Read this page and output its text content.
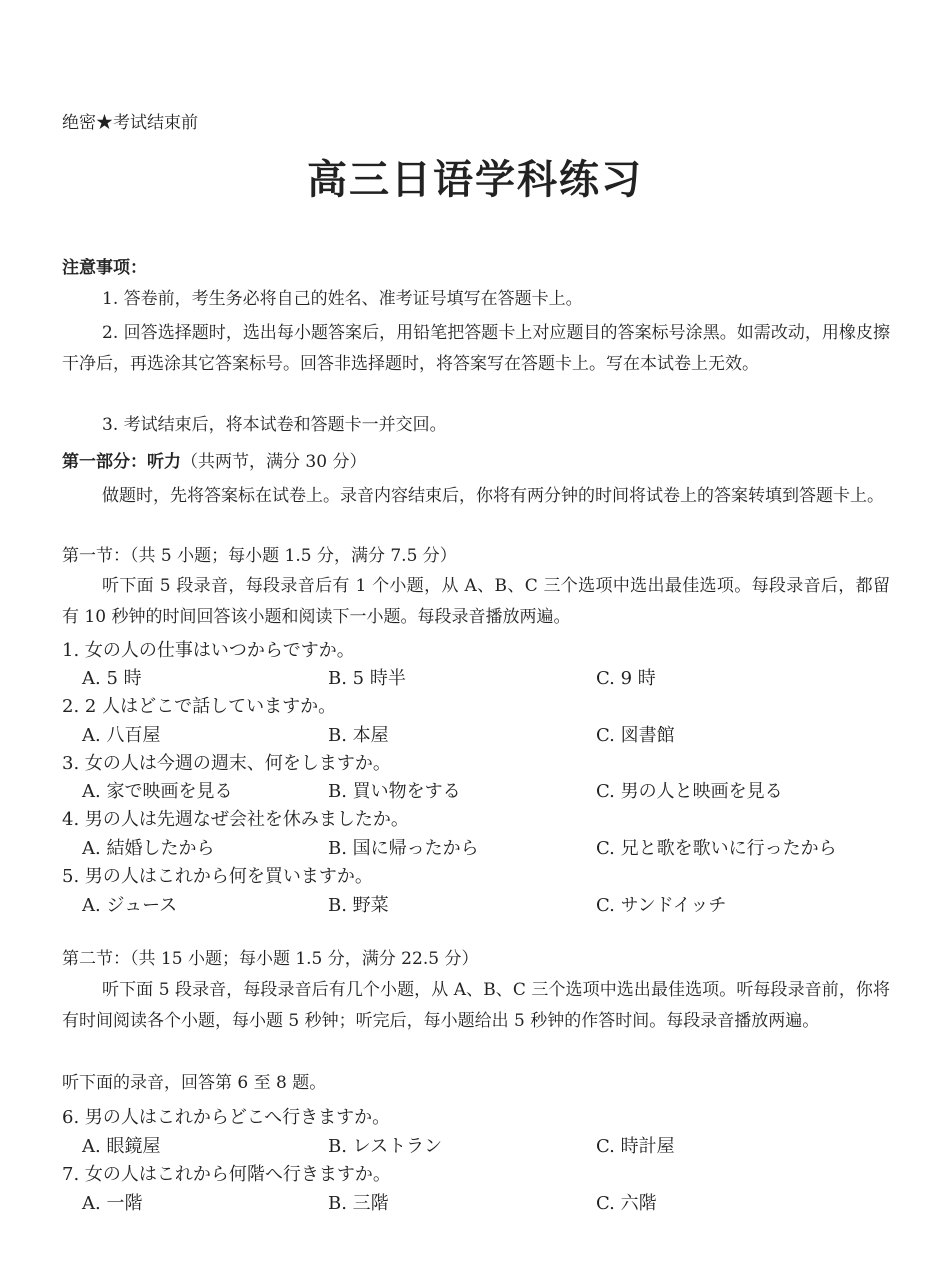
绝密★考试结束前
高三日语学科练习
注意事项：
1. 答卷前，考生务必将自己的姓名、准考证号填写在答题卡上。
2. 回答选择题时，选出每小题答案后，用铅笔把答题卡上对应题目的答案标号涂黑。如需改动，用橡皮擦干净后，再选涂其它答案标号。回答非选择题时，将答案写在答题卡上。写在本试卷上无效。
3. 考试结束后，将本试卷和答题卡一并交回。
第一部分：听力（共两节，满分 30 分）
做题时，先将答案标在试卷上。录音内容结束后，你将有两分钟的时间将试卷上的答案转填到答题卡上。
第一节：（共 5 小题；每小题 1.5 分，满分 7.5 分）
听下面 5 段录音，每段录音后有 1 个小题，从 A、B、C 三个选项中选出最佳选项。每段录音后，都留有 10 秒钟的时间回答该小题和阅读下一小题。每段录音播放两遍。
1. 女の人の仕事はいつからですか。
A. 5 時	B. 5 時半	C. 9 時
2. 2 人はどこで話していますか。
A. 八百屋	B. 本屋	C. 図書館
3. 女の人は今週の週末、何をしますか。
A. 家で映画を見る	B. 買い物をする	C. 男の人と映画を見る
4. 男の人は先週なぜ会社を休みましたか。
A. 結婚したから	B. 国に帰ったから	C. 兄と歌を歌いに行ったから
5. 男の人はこれから何を買いますか。
A. ジュース	B. 野菜	C. サンドイッチ
第二节：（共 15 小题；每小题 1.5 分，满分 22.5 分）
听下面 5 段录音，每段录音后有几个小题，从 A、B、C 三个选项中选出最佳选项。听每段录音前，你将有时间阅读各个小题，每小题 5 秒钟；听完后，每小题给出 5 秒钟的作答时间。每段录音播放两遍。
听下面的录音，回答第 6 至 8 题。
6. 男の人はこれからどこへ行きますか。
A. 眼鏡屋	B. レストラン	C. 時計屋
7. 女の人はこれから何階へ行きますか。
A. 一階	B. 三階	C. 六階
